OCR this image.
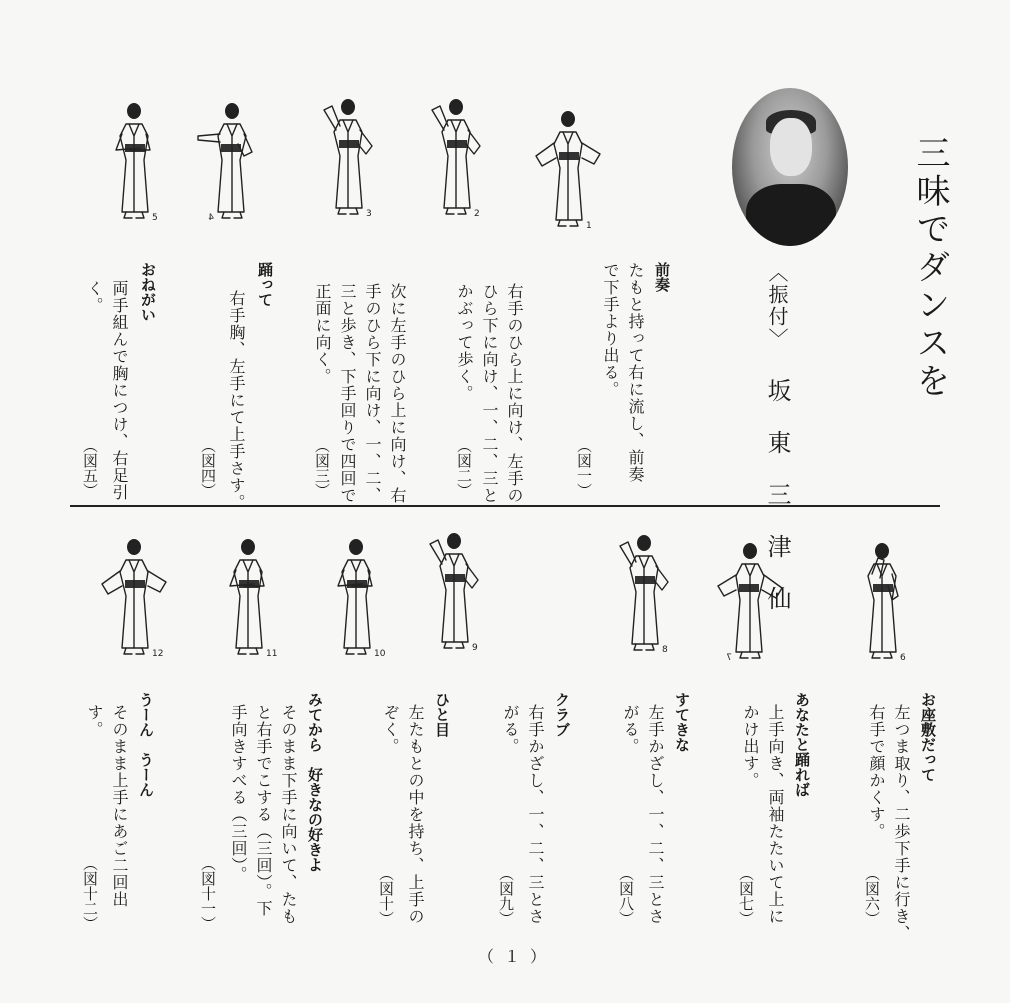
三味でダンスを
〈振付〉坂　東　三　津　仙
1
2
3
4
5
6
7
8
9
10
11
12
前奏
たもと持って右に流し、前奏
で下手より出る。
（図一）
右手のひら上に向け、左手の
ひら下に向け、一、二、三と
かぶって歩く。
（図二）
次に左手のひら上に向け、右
手のひら下に向け、一、二、
三と歩き、下手回りで四回で
正面に向く。
（図三）
踊って
右手胸、左手にて上手さす。
（図四）
おねがい
両手組んで胸につけ、右足引
く。
（図五）
お座敷だって
左つま取り、二歩下手に行き、
右手で顔かくす。
（図六）
あなたと踊れば
上手向き、両袖たたいて上に
かけ出す。
（図七）
すてきな
左手かざし、一、二、三とさ
がる。
（図八）
クラブ
右手かざし、一、二、三とさ
がる。
（図九）
ひと目
左たもとの中を持ち、上手の
ぞく。
（図十）
みてから　好きなの好きよ
そのまま下手に向いて、たも
と右手でこする（三回）。下
手向きすべる（三回）。
（図十一）
うーん　うーん
そのまま上手にあご二回出
す。
（図十二）
（１）
